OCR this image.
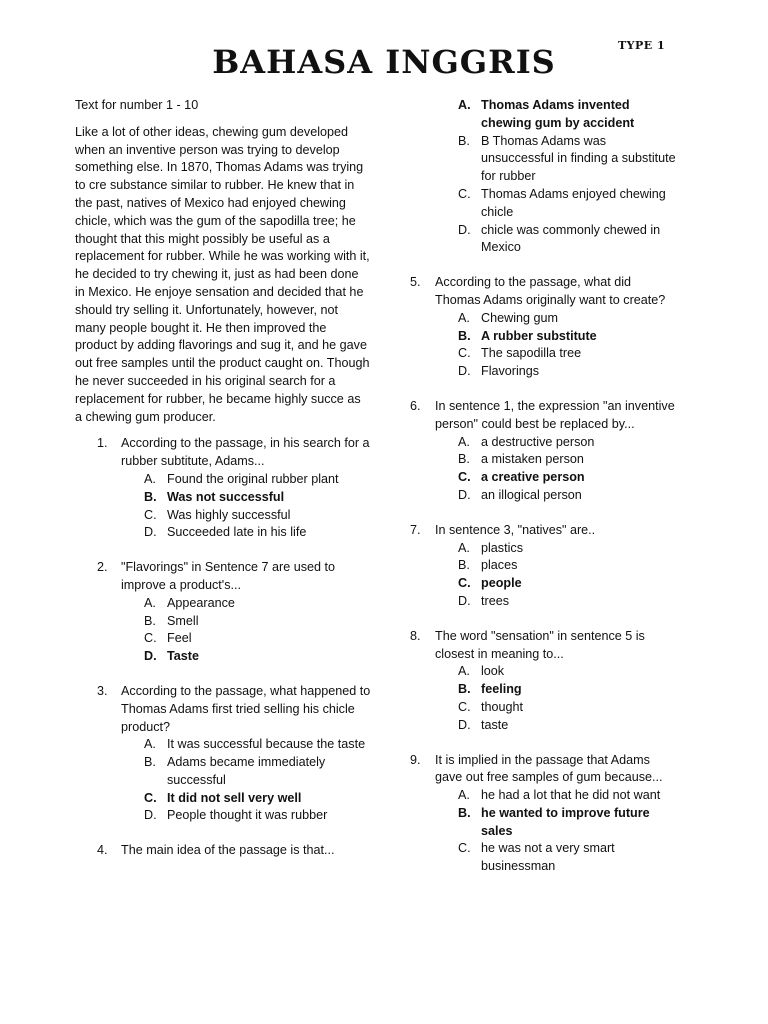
BAHASA INGGRIS	TYPE 1

Text for number 1 - 10

Like a lot of other ideas, chewing gum developed when an inventive person was trying to develop something else. In 1870, Thomas Adams was trying to cre substance similar to rubber. He knew that in the past, natives of Mexico had enjoyed chewing chicle, which was the gum of the sapodilla tree; he thought that this might possibly be useful as a replacement for rubber. While he was working with it, he decided to try chewing it, just as had been done in Mexico. He enjoye sensation and decided that he should try selling it. Unfortunately, however, not many people bought it. He then improved the product by adding flavorings and sug it, and he gave out free samples until the product caught on. Though he never succeeded in his original search for a replacement for rubber, he became highly succe as a chewing gum producer.

1.	According to the passage, in his search for a rubber subtitute, Adams...
A. Found the original rubber plant
B. Was not successful
C. Was highly successful
D. Succeeded late in his life
2.	"Flavorings" in Sentence 7 are used to improve a product's...
A. Appearance
B. Smell
C. Feel
D. Taste
3.	According to the passage, what happened to Thomas Adams first tried selling his chicle product?
A. It was successful because the taste
B. Adams became immediately successful
C. It did not sell very well
D. People thought it was rubber
4.	The main idea of the passage is that...
A. Thomas Adams invented chewing gum by accident
B. B Thomas Adams was unsuccessful in finding a substitute for rubber
C. Thomas Adams enjoyed chewing chicle
D. chicle was commonly chewed in Mexico
5.	According to the passage, what did Thomas Adams originally want to create?
A. Chewing gum
B. A rubber substitute
C. The sapodilla tree
D. Flavorings
6.	In sentence 1, the expression "an inventive person" could best be replaced by...
A. a destructive person
B. a mistaken person
C. a creative person
D. an illogical person
7.	In sentence 3, "natives" are..
A. plastics
B. places
C. people
D. trees
8.	The word "sensation" in sentence 5 is closest in meaning to...
A. look
B. feeling
C. thought
D. taste
9.	It is implied in the passage that Adams gave out free samples of gum because...
A. he had a lot that he did not want
B. he wanted to improve future sales
C. he was not a very smart businessman
